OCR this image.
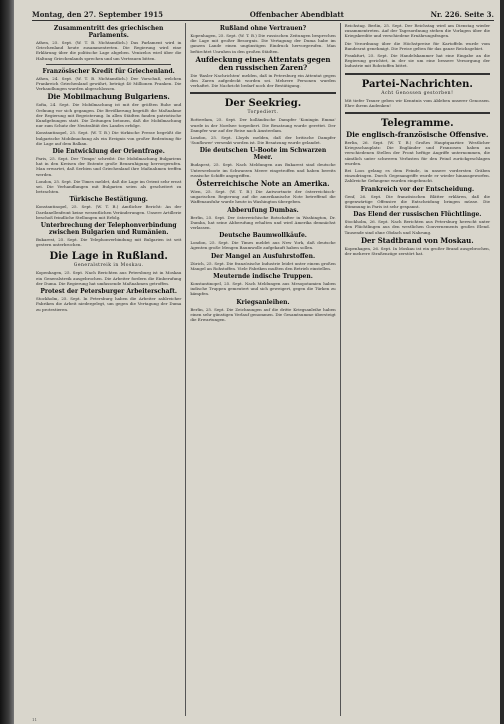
Montag, den 27. September 1915	Offenbacher Abendblatt	Nr. 226. Seite 3.
Zusammentritt des griechischen Parlaments.

Athen, 25. Sept. (W. T. B. Nichtamtlich.) Das Parlament wird in Griechenland heute zusammentreten. Die Regierung wird eine Erklärung über die politische Lage abgeben. Venizelos wird über die Haltung Griechenlands sprechen und um Vertrauen bitten.

Französischer Kredit für Griechenland.

Athen, 24. Sept. (W. T. B. Nichtamtlich.) Der Vorschuß, welchen Frankreich Griechenland gewährt, beträgt 40 Millionen Franken. Die Verhandlungen wurden abgeschlossen.

Die Mobilmachung Bulgariens.

Sofia, 24. Sept. Die Mobilmachung ist mit der größten Ruhe und Ordnung vor sich gegangen. Die Bevölkerung begrüßt die Maßnahme der Regierung mit Begeisterung. In allen Städten fanden patriotische Kundgebungen statt. Die Zeitungen betonen, daß die Mobilmachung nur zum Schutz der Neutralität des Landes erfolge.

Konstantinopel, 25. Sept. (W. T. B.) Die türkische Presse begrüßt die bulgarische Mobilmachung als ein Ereignis von großer Bedeutung für die Lage auf dem Balkan.

Die Entwicklung der Orientfrage.

Paris, 25. Sept. Der 'Temps' schreibt: Die Mobilmachung Bulgariens hat in den Kreisen der Entente große Beunruhigung hervorgerufen. Man erwartet, daß Serbien und Griechenland ihre Maßnahmen treffen werden.

London, 25. Sept. Die Times meldet, daß die Lage im Orient sehr ernst sei. Die Verhandlungen mit Bulgarien seien als gescheitert zu betrachten.

Türkische Bestätigung.

Konstantinopel, 25. Sept. (W. T. B.) Amtlicher Bericht: An der Dardanellenfront keine wesentlichen Veränderungen. Unsere Artillerie beschoß feindliche Stellungen mit Erfolg.

Unterbrechung der Telephonverbindung zwischen Bulgarien und Rumänien.

Bukarest, 25. Sept. Die Telephonverbindung mit Bulgarien ist seit gestern unterbrochen.

Die Lage in Rußland.
Generalstreik in Moskau.

Kopenhagen, 25. Sept. Nach Berichten aus Petersburg ist in Moskau ein Generalstreik ausgebrochen. Die Arbeiter fordern die Einberufung der Duma. Die Regierung hat umfassende Maßnahmen getroffen.

Protest der Petersburger Arbeiterschaft.

Stockholm, 25. Sept. In Petersburg haben die Arbeiter zahlreicher Fabriken die Arbeit niedergelegt, um gegen die Vertagung der Duma zu protestieren.

Rußland ohne Vertrauen?

Kopenhagen, 25. Sept. (W. T. B.) Die russischen Zeitungen besprechen die Lage mit großer Besorgnis. Die Vertagung der Duma habe im ganzen Lande einen ungünstigen Eindruck hervorgerufen. Man befürchtet Unruhen in den großen Städten.

Aufdeckung eines Attentats gegen den russischen Zaren?

Die 'Basler Nachrichten' melden, daß in Petersburg ein Attentat gegen den Zaren aufgedeckt worden sei. Mehrere Personen wurden verhaftet. Die Nachricht bedarf noch der Bestätigung.

Der Seekrieg.
Torpediert.

Rotterdam, 25. Sept. Der holländische Dampfer 'Koningin Emma' wurde in der Nordsee torpediert. Die Besatzung wurde gerettet. Der Dampfer war auf der Reise nach Amsterdam.

London, 25. Sept. Lloyds melden, daß der britische Dampfer 'Sunflower' versenkt worden ist. Die Besatzung wurde gelandet.

Die deutschen U-Boote im Schwarzen Meer.

Budapest, 25. Sept. Nach Meldungen aus Bukarest sind deutsche Unterseeboote im Schwarzen Meere eingetroffen und haben bereits russische Schiffe angegriffen.

Österreichische Note an Amerika.

Wien, 25. Sept. (W. T. B.) Die Antwortnote der österreichisch-ungarischen Regierung auf die amerikanische Note betreffend die Waffenausfuhr wurde heute in Washington übergeben.

Abberufung Dumbas.

Berlin, 25. Sept. Der österreichische Botschafter in Washington, Dr. Dumba, hat seine Abberufung erhalten und wird Amerika demnächst verlassen.

Deutsche Baumwollkäufe.

London, 25. Sept. Die Times meldet aus New York, daß deutsche Agenten große Mengen Baumwolle aufgekauft haben sollen.

Der Mangel an Ausfuhrstoffen.

Zürich, 25. Sept. Die französische Industrie leidet unter einem großen Mangel an Rohstoffen. Viele Fabriken mußten den Betrieb einstellen.

Meuternde indische Truppen.

Konstantinopel, 25. Sept. Nach Meldungen aus Mesopotamien haben indische Truppen gemeutert und sich geweigert, gegen die Türken zu kämpfen.

Kriegsanleihen.

Berlin, 25. Sept. Die Zeichnungen auf die dritte Kriegsanleihe haben einen sehr günstigen Verlauf genommen. Die Gesamtsumme übersteigt die Erwartungen.

Reichstag. Berlin, 25. Sept. Der Reichstag wird am Dienstag wieder zusammentreten. Auf der Tagesordnung stehen die Vorlagen über die Kriegskredite und verschiedene Ernährungsfragen.

Die Verordnung über die Höchstpreise für Kartoffeln wurde vom Bundesrat genehmigt. Die Preise gelten für das ganze Reichsgebiet.

Frankfurt, 25. Sept. Die Handelskammer hat eine Eingabe an die Regierung gerichtet, in der sie um eine bessere Versorgung der Industrie mit Rohstoffen bittet.

Partei-Nachrichten.
Acht Genossen gestorben!

Mit tiefer Trauer geben wir Kenntnis vom Ableben unserer Genossen. Ehre ihrem Andenken!

Telegramme.
Die englisch-französische Offensive.

Berlin, 26. Sept. (W. T. B.) Großes Hauptquartier. Westlicher Kriegsschauplatz: Die Engländer und Franzosen haben an verschiedenen Stellen der Front heftige Angriffe unternommen, die sämtlich unter schweren Verlusten für den Feind zurückgeschlagen wurden.

Bei Loos gelang es dem Feinde, in unsere vordersten Gräben einzudringen. Durch Gegenangriffe wurde er wieder hinausgeworfen. Zahlreiche Gefangene wurden eingebracht.

Frankreich vor der Entscheidung.

Genf, 26. Sept. Die französischen Blätter erklären, daß die gegenwärtige Offensive die Entscheidung bringen müsse. Die Stimmung in Paris ist sehr gespannt.

Das Elend der russischen Flüchtlinge.

Stockholm, 26. Sept. Nach Berichten aus Petersburg herrscht unter den Flüchtlingen aus den westlichen Gouvernements großes Elend. Tausende sind ohne Obdach und Nahrung.

Der Stadtbrand von Moskau.

Kopenhagen, 26. Sept. In Moskau ist ein großer Brand ausgebrochen, der mehrere Straßenzüge zerstört hat.

11
